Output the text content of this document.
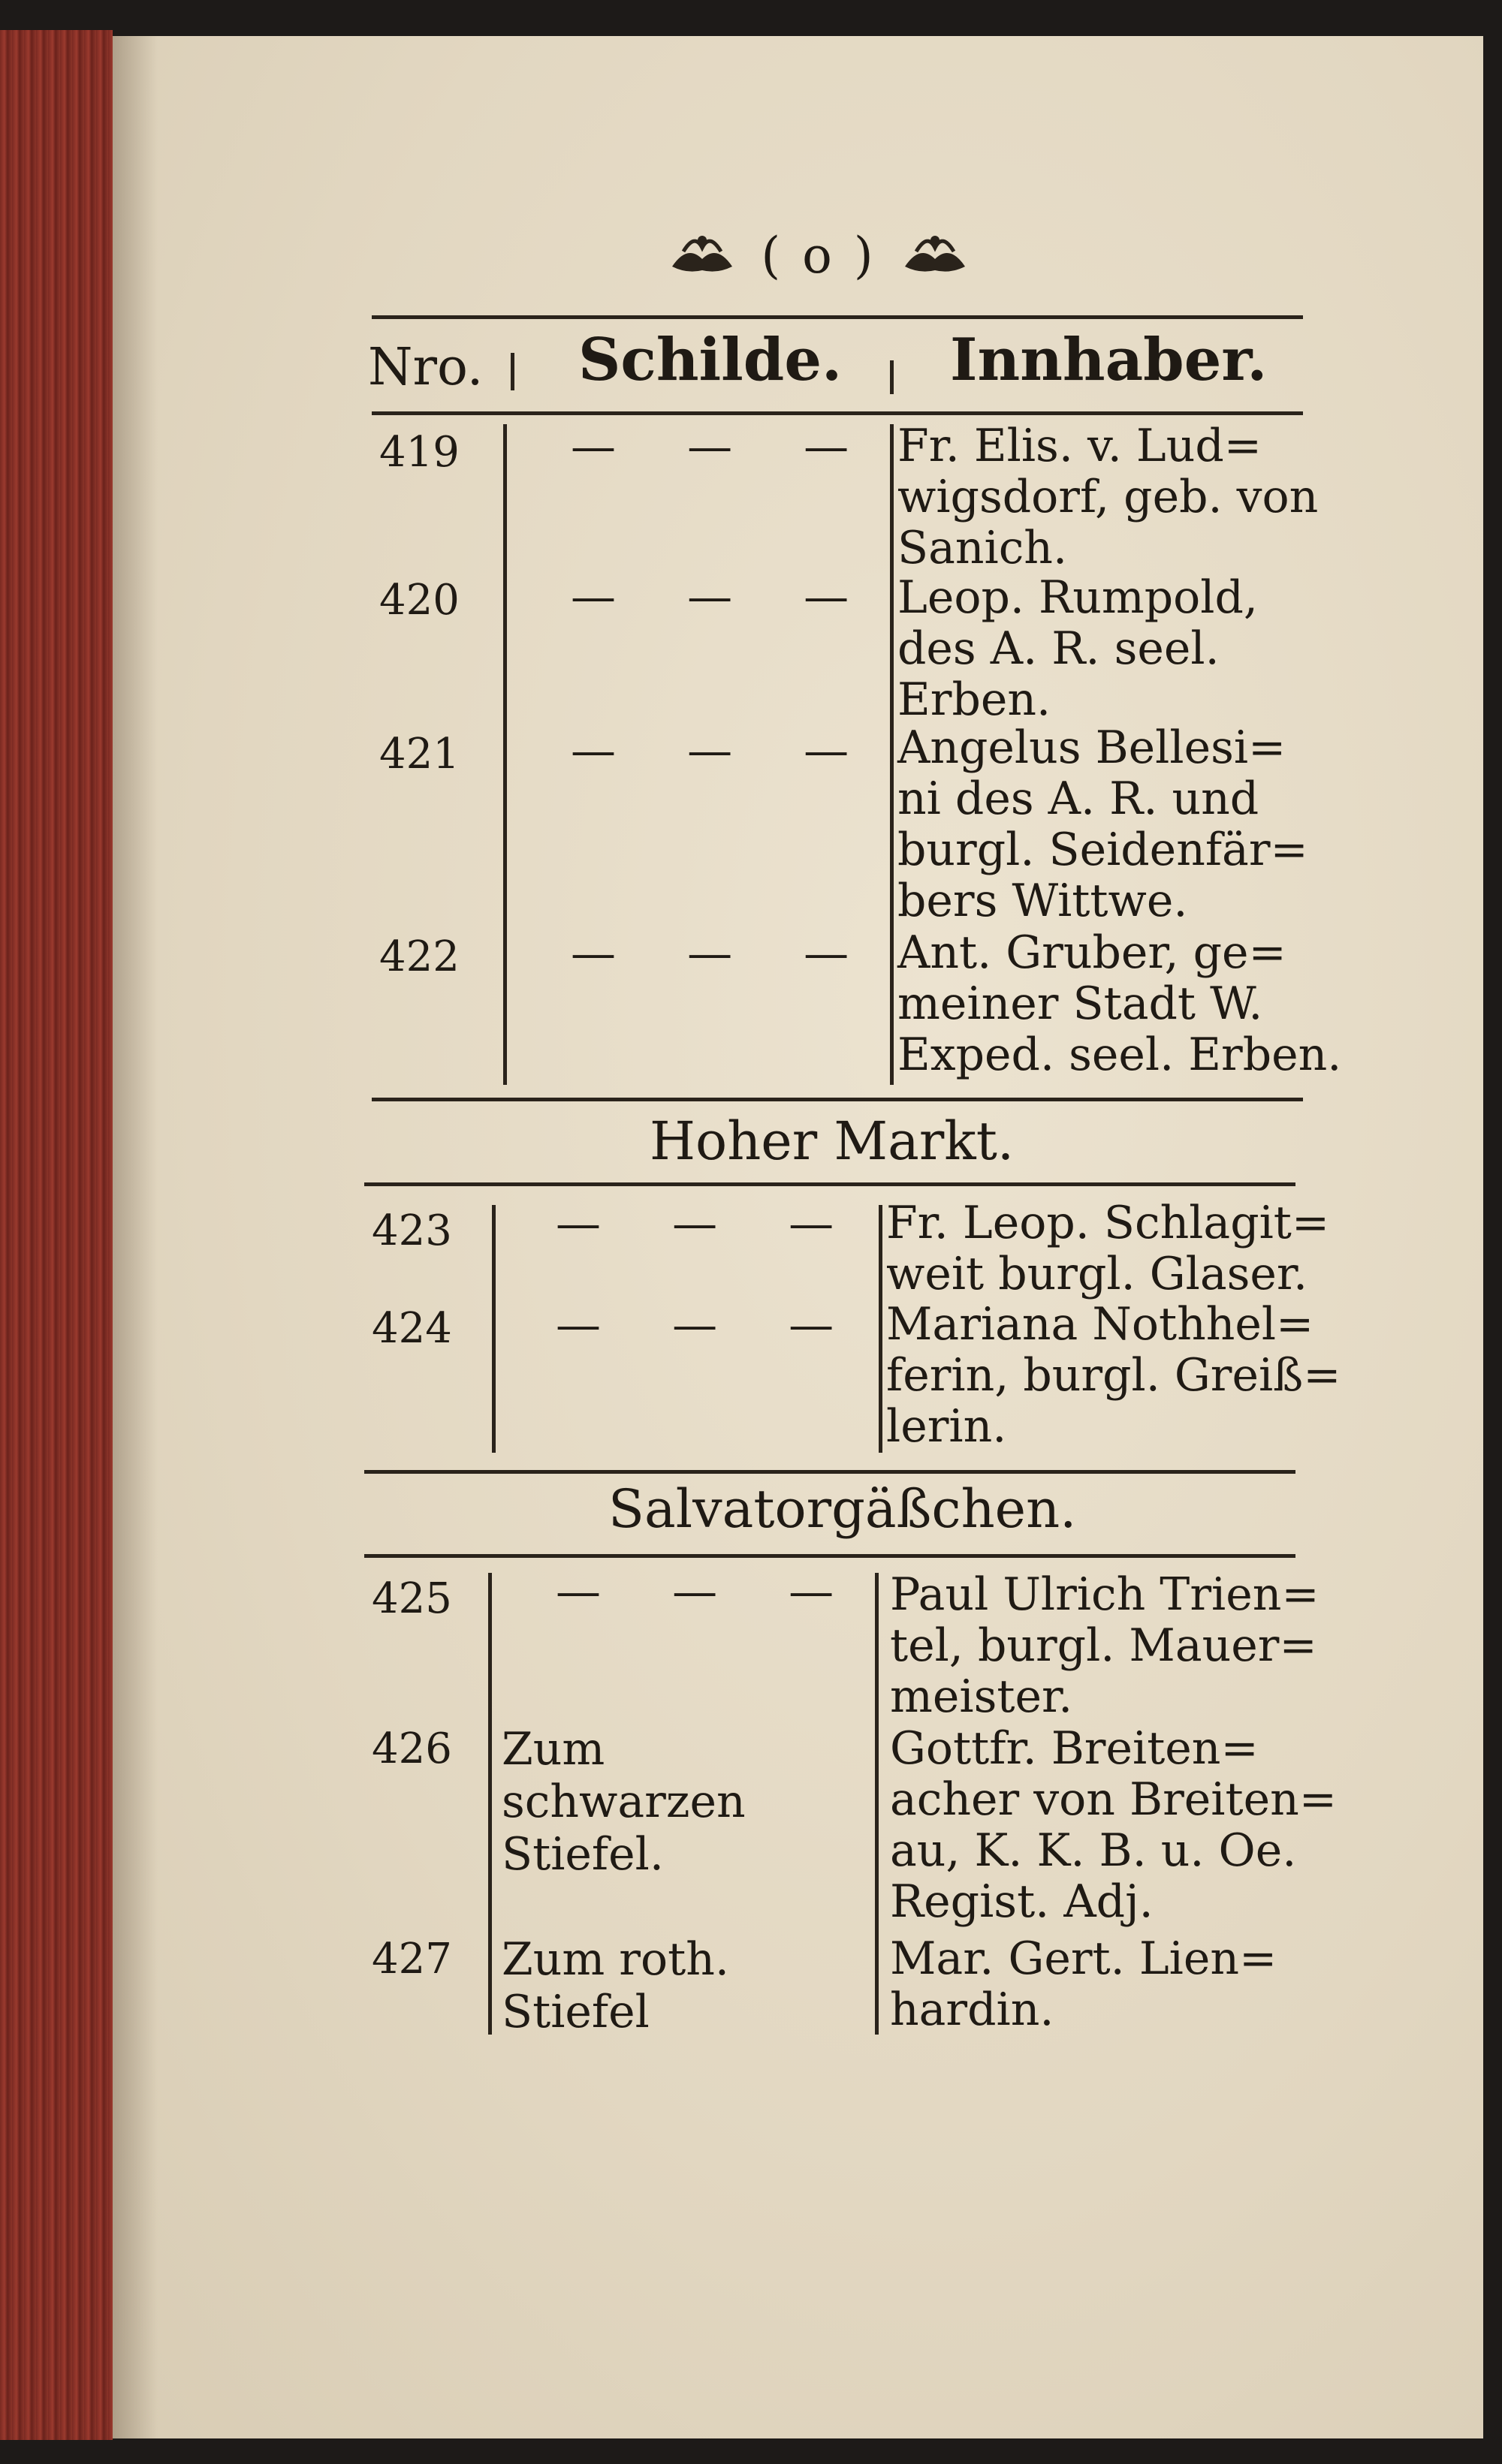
( o )
Nro. Schilde. Innhaber.
419 — — — Fr. Elis. v. Lud=
wigsdorf, geb. von
Sanich.
420 — — — Leop. Rumpold,
des A. R. seel.
Erben.
421 — — — Angelus Bellesi=
ni des A. R. und
burgl. Seidenfär=
bers Wittwe.
422 — — — Ant. Gruber, ge=
meiner Stadt W.
Exped. seel. Erben.
Hoher Markt.
423 — — — Fr. Leop. Schlagit=
weit burgl. Glaser.
424 — — — Mariana Nothhel=
ferin, burgl. Greiß=
lerin.
Salvatorgäßchen.
425 — — — Paul Ulrich Trien=
tel, burgl. Mauer=
meister.
426 Zum schwarzen Stiefel.
Gottfr. Breiten=
acher von Breiten=
au, K. K. B. u. Oe.
Regist. Adj.
427 Zum roth. Stiefel
Mar. Gert. Lien=
hardin.
